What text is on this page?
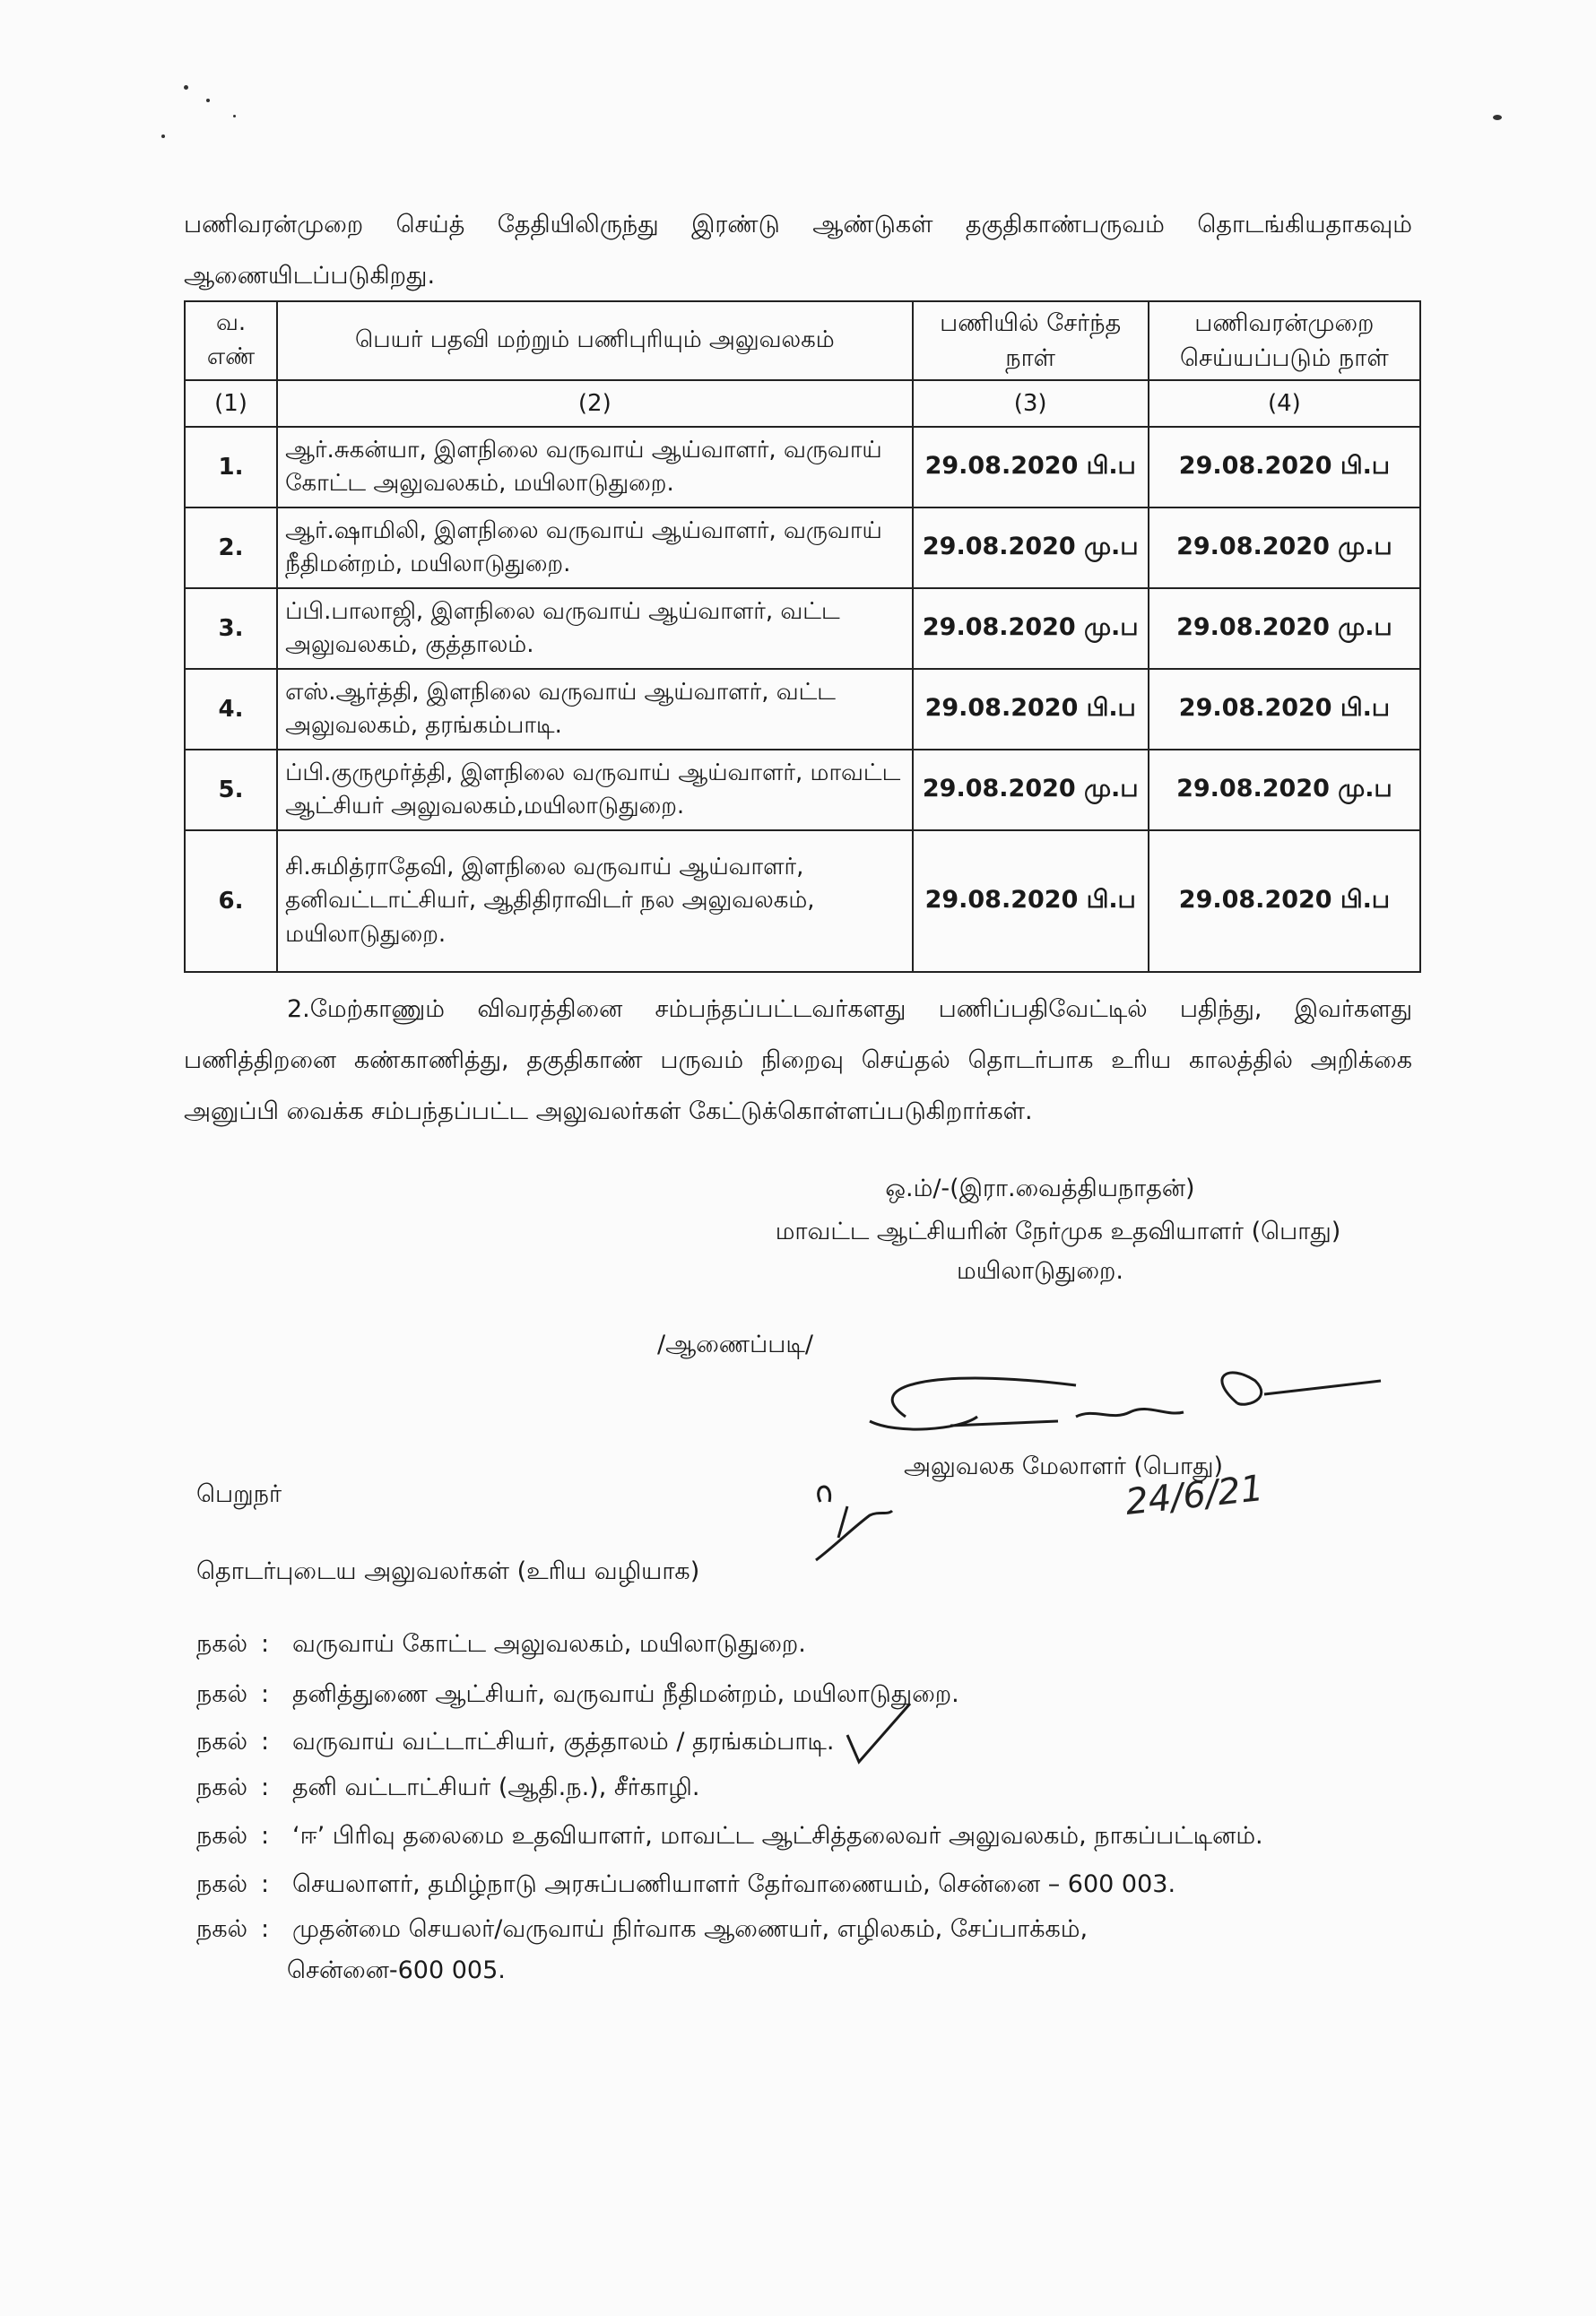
பணிவரன்முறை செய்த் தேதியிலிருந்து இரண்டு ஆண்டுகள் தகுதிகாண்பருவம் தொடங்கியதாகவும் ஆணையிடப்படுகிறது.
வ. எண்	பெயர் பதவி மற்றும் பணிபுரியும் அலுவலகம்	பணியில் சேர்ந்த நாள்	பணிவரன்முறை செய்யப்படும் நாள்
(1)	(2)	(3)	(4)
1.	ஆர்.சுகன்யா, இளநிலை வருவாய் ஆய்வாளர், வருவாய் கோட்ட அலுவலகம், மயிலாடுதுறை.	29.08.2020 பி.ப	29.08.2020 பி.ப
2.	ஆர்.ஷாமிலி, இளநிலை வருவாய் ஆய்வாளர், வருவாய் நீதிமன்றம், மயிலாடுதுறை.	29.08.2020 மு.ப	29.08.2020 மு.ப
3.	ப்பி.பாலாஜி, இளநிலை வருவாய் ஆய்வாளர், வட்ட அலுவலகம், குத்தாலம்.	29.08.2020 மு.ப	29.08.2020 மு.ப
4.	எஸ்.ஆர்த்தி, இளநிலை வருவாய் ஆய்வாளர், வட்ட அலுவலகம், தரங்கம்பாடி.	29.08.2020 பி.ப	29.08.2020 பி.ப
5.	ப்பி.குருமூர்த்தி, இளநிலை வருவாய் ஆய்வாளர், மாவட்ட ஆட்சியர் அலுவலகம்,மயிலாடுதுறை.	29.08.2020 மு.ப	29.08.2020 மு.ப
6.	சி.சுமித்ராதேவி, இளநிலை வருவாய் ஆய்வாளர், தனிவட்டாட்சியர், ஆதிதிராவிடர் நல அலுவலகம், மயிலாடுதுறை.	29.08.2020 பி.ப	29.08.2020 பி.ப
2.மேற்காணும் விவரத்தினை சம்பந்தப்பட்டவர்களது பணிப்பதிவேட்டில் பதிந்து, இவர்களது பணித்திறனை கண்காணித்து, தகுதிகாண் பருவம் நிறைவு செய்தல் தொடர்பாக உரிய காலத்தில் அறிக்கை அனுப்பி வைக்க சம்பந்தப்பட்ட அலுவலர்கள் கேட்டுக்கொள்ளப்படுகிறார்கள்.
ஒ.ம்/-(இரா.வைத்தியநாதன்)
மாவட்ட ஆட்சியரின் நேர்முக உதவியாளர் (பொது)
மயிலாடுதுறை.
/ஆணைப்படி/
அலுவலக மேலாளர் (பொது)
24/6/21
பெறுநர்
தொடர்புடைய அலுவலர்கள் (உரிய வழியாக)
நகல் : வருவாய் கோட்ட அலுவலகம், மயிலாடுதுறை.
நகல் : தனித்துணை ஆட்சியர், வருவாய் நீதிமன்றம், மயிலாடுதுறை.
நகல் : வருவாய் வட்டாட்சியர், குத்தாலம் / தரங்கம்பாடி.
நகல் : தனி வட்டாட்சியர் (ஆதி.ந.), சீர்காழி.
நகல் : ‘ஈ’ பிரிவு தலைமை உதவியாளர், மாவட்ட ஆட்சித்தலைவர் அலுவலகம், நாகப்பட்டினம்.
நகல் : செயலாளர், தமிழ்நாடு அரசுப்பணியாளர் தேர்வாணையம், சென்னை – 600 003.
நகல் : முதன்மை செயலர்/வருவாய் நிர்வாக ஆணையர், எழிலகம், சேப்பாக்கம்,
சென்னை-600 005.
